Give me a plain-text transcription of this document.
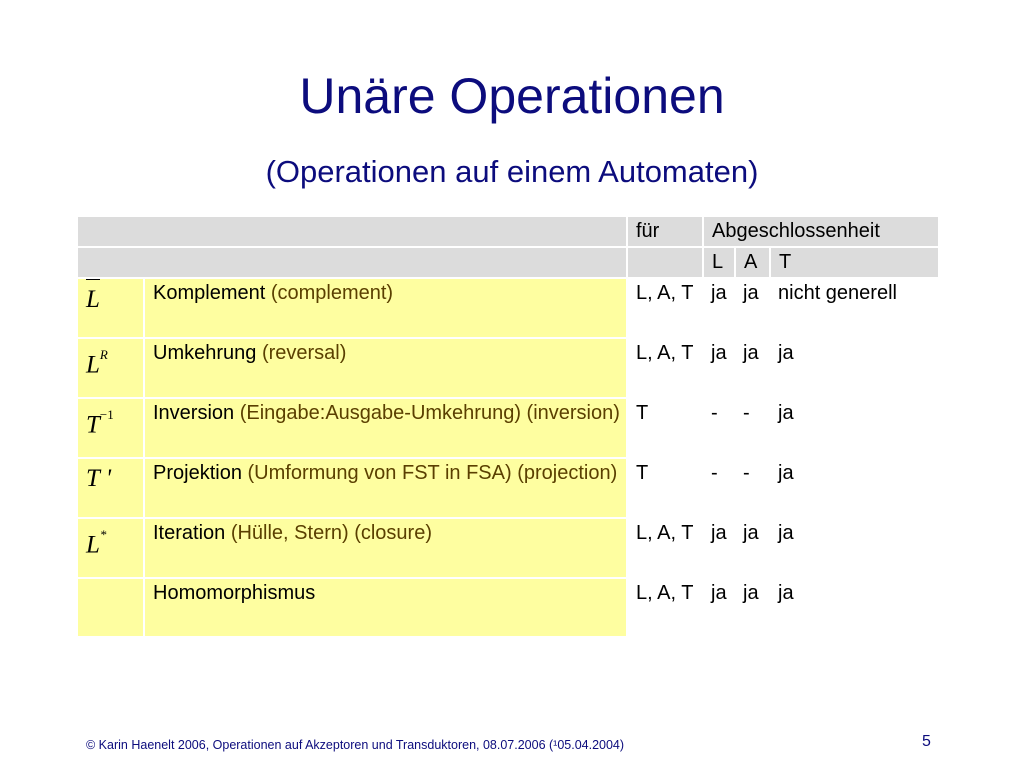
Unäre Operationen
(Operationen auf einem Automaten)
		für	Abgeschlossenheit		
			L	A	T
L	Komplement (complement)	L, A, T	ja	ja	nicht generell
$L^R$	Umkehrung (reversal)	L, A, T	ja	ja	ja
$T^{-1}$	Inversion (Eingabe:Ausgabe-Umkehrung) (inversion)	T	-	-	ja
T '	Projektion (Umformung von FST in FSA) (projection)	T	-	-	ja
L*	Iteration (Hülle, Stern) (closure)	L, A, T	ja	ja	ja
	Homomorphismus	L, A, T	ja	ja	ja
© Karin Haenelt 2006, Operationen auf Akzeptoren und Transduktoren, 08.07.2006 (¹05.04.2004)	5
